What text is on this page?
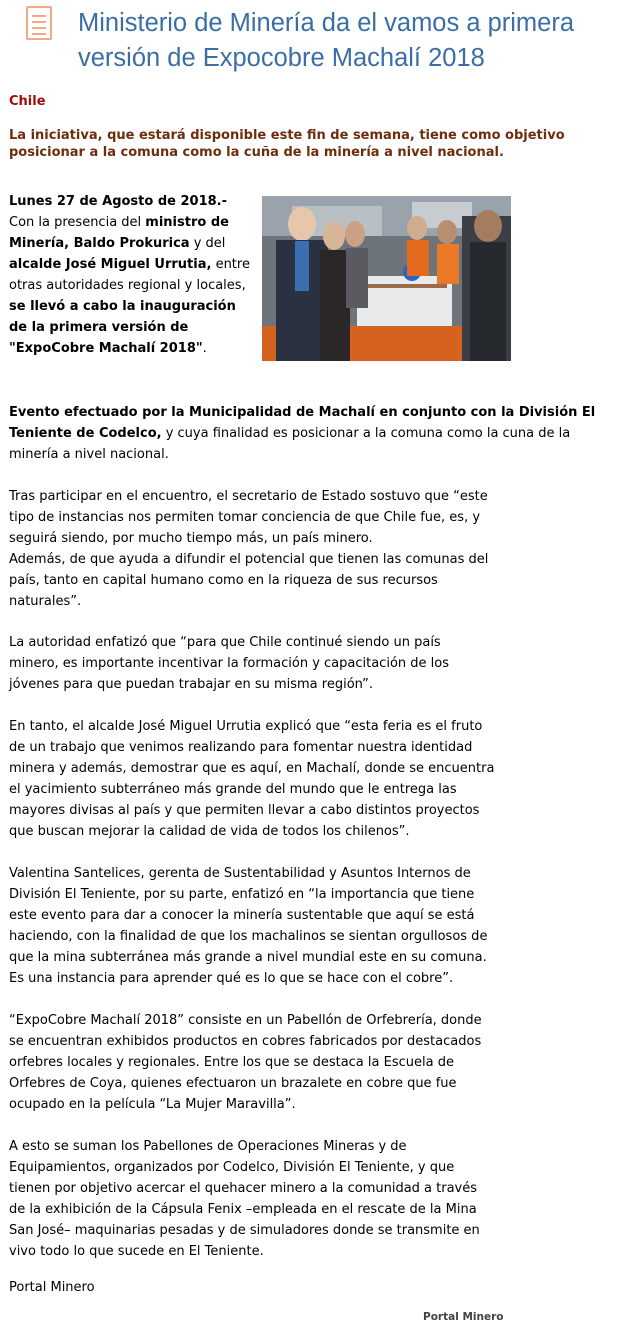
Ministerio de Minería da el vamos a primera versión de Expocobre Machalí 2018

Chile

La iniciativa, que estará disponible este fin de semana, tiene como objetivo posicionar a la comuna como la cuña de la minería a nivel nacional.

Lunes 27 de Agosto de 2018.- Con la presencia del ministro de Minería, Baldo Prokurica y del alcalde José Miguel Urrutia, entre otras autoridades regional y locales, se llevó a cabo la inauguración de la primera versión de "ExpoCobre Machalí 2018".

Evento efectuado por la Municipalidad de Machalí en conjunto con la División El Teniente de Codelco, y cuya finalidad es posicionar a la comuna como la cuna de la minería a nivel nacional.

Tras participar en el encuentro, el secretario de Estado sostuvo que “este
tipo de instancias nos permiten tomar conciencia de que Chile fue, es, y
seguirá siendo, por mucho tiempo más, un país minero.
Además, de que ayuda a difundir el potencial que tienen las comunas del
país, tanto en capital humano como en la riqueza de sus recursos
naturales”.

La autoridad enfatizó que “para que Chile continué siendo un país
minero, es importante incentivar la formación y capacitación de los
jóvenes para que puedan trabajar en su misma región”.

En tanto, el alcalde José Miguel Urrutia explicó que “esta feria es el fruto
de un trabajo que venimos realizando para fomentar nuestra identidad
minera y además, demostrar que es aquí, en Machalí, donde se encuentra
el yacimiento subterráneo más grande del mundo que le entrega las
mayores divisas al país y que permiten llevar a cabo distintos proyectos
que buscan mejorar la calidad de vida de todos los chilenos”.

Valentina Santelices, gerenta de Sustentabilidad y Asuntos Internos de
División El Teniente, por su parte, enfatizó en “la importancia que tiene
este evento para dar a conocer la minería sustentable que aquí se está
haciendo, con la finalidad de que los machalinos se sientan orgullosos de
que la mina subterránea más grande a nivel mundial este en su comuna.
Es una instancia para aprender qué es lo que se hace con el cobre”.

“ExpoCobre Machalí 2018” consiste en un Pabellón de Orfebrería, donde
se encuentran exhibidos productos en cobres fabricados por destacados
orfebres locales y regionales. Entre los que se destaca la Escuela de
Orfebres de Coya, quienes efectuaron un brazalete en cobre que fue
ocupado en la película “La Mujer Maravilla”.

A esto se suman los Pabellones de Operaciones Mineras y de
Equipamientos, organizados por Codelco, División El Teniente, y que
tienen por objetivo acercar el quehacer minero a la comunidad a través
de la exhibición de la Cápsula Fenix –empleada en el rescate de la Mina
San José– maquinarias pesadas y de simuladores donde se transmite en
vivo todo lo que sucede en El Teniente.

Portal Minero

Portal Minero
